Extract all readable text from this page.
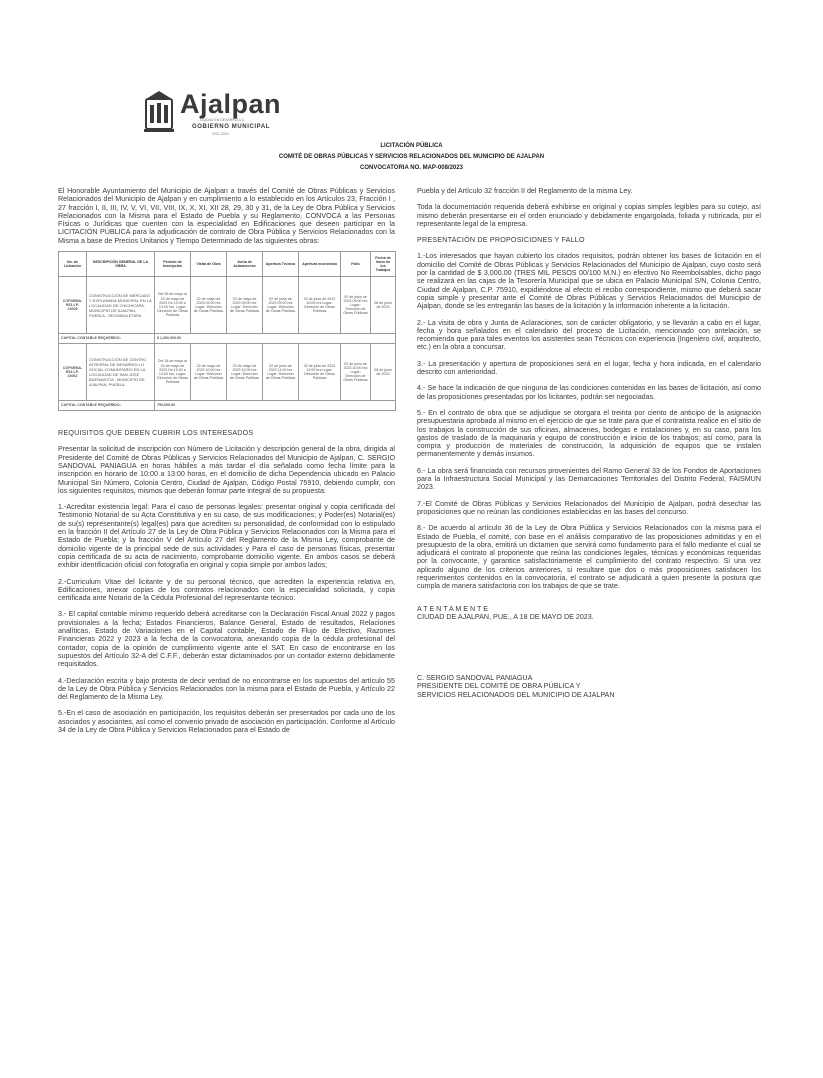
Ajalpan
CIUDAD EN DESARROLLO
GOBIERNO MUNICIPAL
2021-2024
LICITACIÓN PÚBLICA
COMITÉ DE OBRAS PÚBLICAS Y SERVICIOS RELACIONADOS DEL MUNICIPIO DE AJALPAN
CONVOCATORIA NO. MAP-008/2023

El Honorable Ayuntamiento del Municipio de Ajalpan a través del Comité de Obras Públicas y Servicios Relacionados del Municipio de Ajalpan y en cumplimiento a lo establecido en los Artículos 23, Fracción I , 27 fracción I, II, III, IV, V, VI, VII, VIII, IX, X, XI, XII 28, 29, 30 y 31, de la Ley de Obra Pública y Servicios Relacionados con la Misma para el Estado de Puebla y su Reglamento, CONVOCA a las Personas Físicas o Jurídicas que cuenten con la especialidad en Edificaciones que deseen participar en la LICITACIÓN PÚBLICA para la adjudicación de contrato de Obra Pública y Servicios Relacionados con la Misma a base de Precios Unitarios y Tiempo Determinado de las siguientes obras:

No. de Licitación	DESCRIPCIÓN GENERAL DE LA OBRA	Periodo de Inscripción	Visita de Obra	Junta de Aclaraciones	Apertura Técnica	Apertura económica	Fallo	Fecha de Inicio de los Trabajos
COPSRMA-R33-LP-23008	CONSTRUCCIÓN DE MERCADO Y EXPLANADA MUNICIPAL EN LA LOCALIDAD DE CHICHICAPA, MUNICIPIO DE AJALPAN, PUEBLA., SEGUNDA ETAPA	Del 18 de mayo al 24 de mayo de 2023 De 10:00 a 13:00 hrs. Lugar: Dirección de Obras Públicas	22 de mayo de 2023 09:00 hrs Lugar: Dirección de Obras Públicas	23 de mayo de 2023 09:00 hrs Lugar: Dirección de Obras Públicas	02 de junio de 2023 09:00 hrs Lugar: Dirección de Obras Públicas	02 de junio de 2023 10:00 hrs Lugar: Dirección de Obras Públicas	02 de junio de 2023 09:00 hrs Lugar: Dirección de Obras Públicas	08 de junio de 2023
CAPITAL CONTABLE REQUERIDO:		$ 1,300,000.00						
COPSRMA-R33-LP-23062	CONSTRUCCIÓN DE CENTRO INTEGRAL DE DESARROLLO SOCIAL COMUNITARIO EN LA LOCALIDAD DE SAN JOSÉ BUENAVISTA , MUNICIPIO DE AJALPAN, PUEBLA.	Del 18 de mayo al 24 de mayo de 2023 De 10:00 a 13:00 hrs. Lugar: Dirección de Obras Públicas	22 de mayo de 2023 10:00 hrs Lugar: Dirección de Obras Públicas	23 de mayo de 2023 10:00 hrs Lugar: Dirección de Obras Públicas	02 de junio de 2023 11:00 hrs Lugar: Dirección de Obras Públicas	02 de junio de 2023 12:00 hrs Lugar: Dirección de Obras Públicas	02 de junio de 2023 10:00 hrs Lugar: Dirección de Obras Públicas	08 de junio de 2023
CAPITAL CONTABLE REQUERIDO:		750,000.00						
REQUISITOS QUE DEBEN CUBRIR LOS INTERESADOS

Presentar la solicitud de inscripción con Número de Licitación y descripción general de la obra, dirigida al Presidente del Comité de Obras Públicas y Servicios Relacionados del Municipio de Ajalpan, C. SERGIO SANDOVAL PANIAGUA en horas hábiles a más tardar el día señalado como fecha límite para la inscripción en horario de 10:00 a 13:00 horas, en el domicilio de dicha Dependencia ubicado en Palacio Municipal Sin Número, Colonia Centro, Ciudad de Ajalpan, Código Postal 75910, debiendo cumplir, con los siguientes requisitos, mismos que deberán formar parte integral de su propuesta:

1.-Acreditar existencia legal: Para el caso de personas legales: presentar original y copia certificada del Testimonio Notarial de su Acta Constitutiva y en su caso, de sus modificaciones; y Poder(es) Notarial(es) de su(s) representante(s) legal(es) para que acrediten su personalidad, de conformidad con lo estipulado en la fracción II del Artículo 27 de la Ley de Obra Pública y Servicios Relacionados con la Misma para el Estado de Puebla; y la fracción V del Artículo 27 del Reglamento de la Misma Ley, comprobante de domicilio vigente de la principal sede de sus actividades y Para el caso de personas físicas, presentar copia certificada de su acta de nacimiento, comprobante domicilio vigente. En ambos casos se deberá exhibir identificación oficial con fotografía en original y copia simple por ambos lados;

2.-Curriculum Vitae del licitante y de su personal técnico, que acrediten la experiencia relativa en, Edificaciones, anexar copias de los contratos relacionados con la especialidad solicitada, y copia certificada ante Notario de la Cédula Profesional del representante técnico.

3.- El capital contable mínimo requerido deberá acreditarse con la Declaración Fiscal Anual 2022 y pagos provisionales a la fecha; Estados Financieros, Balance General, Estado de resultados, Relaciones analíticas, Estado de Variaciones en el Capital contable, Estado de Flujo de Efectivo, Razones Financieras 2022 y 2023 a la fecha de la convocatoria, anexando copia de la cédula profesional del contador, copia de la opinión de cumplimiento vigente ante el SAT. En caso de encontrarse en los supuestos del Artículo 32-A del C.F.F., deberán estar dictaminados por un contador externo debidamente requisitados.

4.-Declaración escrita y bajo protesta de decir verdad de no encontrarse en los supuestos del artículo 55 de la Ley de Obra Pública y Servicios Relacionados con la misma para el Estado de Puebla, y Artículo 22 del Reglamento de la Misma Ley.

5.-En el caso de asociación en participación, los requisitos deberán ser presentados por cada uno de los asociados y asociantes, así como el convenio privado de asociación en participación. Conforme al Artículo 34 de la Ley de Obra Pública y Servicios Relacionados para el Estado de

Puebla y del Artículo 32 fracción II del Reglamento de la misma Ley.

Toda la documentación requerida deberá exhibirse en original y copias simples legibles para su cotejo, así mismo deberán presentarse en el orden enunciado y debidamente engargolada, foliada y rubricada, por el representante legal de la empresa.

PRESENTACIÓN DE PROPOSICIONES Y FALLO

1.-Los interesados que hayan cubierto los citados requisitos, podrán obtener los bases de licitación en el domicilio del Comité de Obras Públicas y Servicios Relacionados del Municipio de Ajalpan, cuyo costo será por la cantidad de $ 3,000.00 (TRES MIL PESOS 00/100 M.N.) en efectivo No Reembolsables, dicho pago se realizará en las cajas de la Tesorería Municipal que se ubica en Palacio Municipal S/N, Colonia Centro, Ciudad de Ajalpan, C.P. 75910, expidiéndose al efecto el recibo correspondiente, mismo que deberá sacar copia simple y presentar ante el Comité de Obras Públicas y Servicios Relacionados del Municipio de Ajalpan, donde se les entregarán las bases de la licitación y la información inherente a la licitación.

2.- La visita de obra y Junta de Aclaraciones, son de carácter obligatorio, y se llevarán a cabo en el lugar, fecha y hora señalados en el calendario del proceso de Licitación, mencionado con antelación, se recomienda que para tales eventos los asistentes sean Técnicos con experiencia (Ingeniero civil, arquitecto, etc.) en la obra a concursar.

3.- La presentación y apertura de proposiciones será en el lugar, fecha y hora indicada, en el calendario descrito con anterioridad.

4.- Se hace la indicación de que ninguna de las condiciones contenidas en las bases de licitación, así como de las proposiciones presentadas por los licitantes, podrán ser negociadas.

5.- En el contrato de obra que se adjudique se otorgara el treinta por ciento de anticipo de la asignación presupuestaria aprobada al mismo en el ejercicio de que se trate para que el contratista realice en el sitio de los trabajos la construcción de sus oficinas, almacenes, bodegas e instalaciones y, en su caso, para los gastos de traslado de la maquinaria y equipo de construcción e inicio de los trabajos; así como, para la compra y producción de materiales de construcción, la adquisición de equipos que se instalen permanentemente y demás insumos.

6.- La obra será financiada con recursos provenientes del Ramo General 33 de los Fondos de Aportaciones para la Infraestructura Social Municipal y las Demarcaciones Territoriales del Distrito Federal, FAISMUN 2023.

7.-El Comité de Obras Públicas y Servicios Relacionados del Municipio de Ajalpan, podrá desechar las proposiciones que no reúnan las condiciones establecidas en las bases del concurso.

8.- De acuerdo al artículo 36 de la Ley de Obra Pública y Servicios Relacionados con la misma para el Estado de Puebla, el comité, con base en el análisis comparativo de las proposiciones admitidas y en el presupuesto de la obra, emitirá un dictamen que servirá como fundamento para el fallo mediante el cual se adjudicará el contrato al proponente que reúna las condiciones legales, técnicas y económicas requeridas por la convocante, y garantice satisfactoriamente el cumplimiento del contrato respectivo. Si una vez aplicado alguno de los criterios anteriores, si resultare que dos o más proposiciones satisfacen los requerimientos contenidos en la convocatoria, el contrato se adjudicará a quien presente la postura que cumpla de manera satisfactoria con los trabajos de que se trate.

A T E N T A M E N T E
CIUDAD DE AJALPAN, PUE., A 18 DE MAYO DE 2023.
C. SERGIO SANDOVAL PANIAGUA
PRESIDENTE DEL COMITÉ DE OBRA PÚBLICA Y
SERVICIOS RELACIONADOS DEL MUNICIPIO DE AJALPAN
